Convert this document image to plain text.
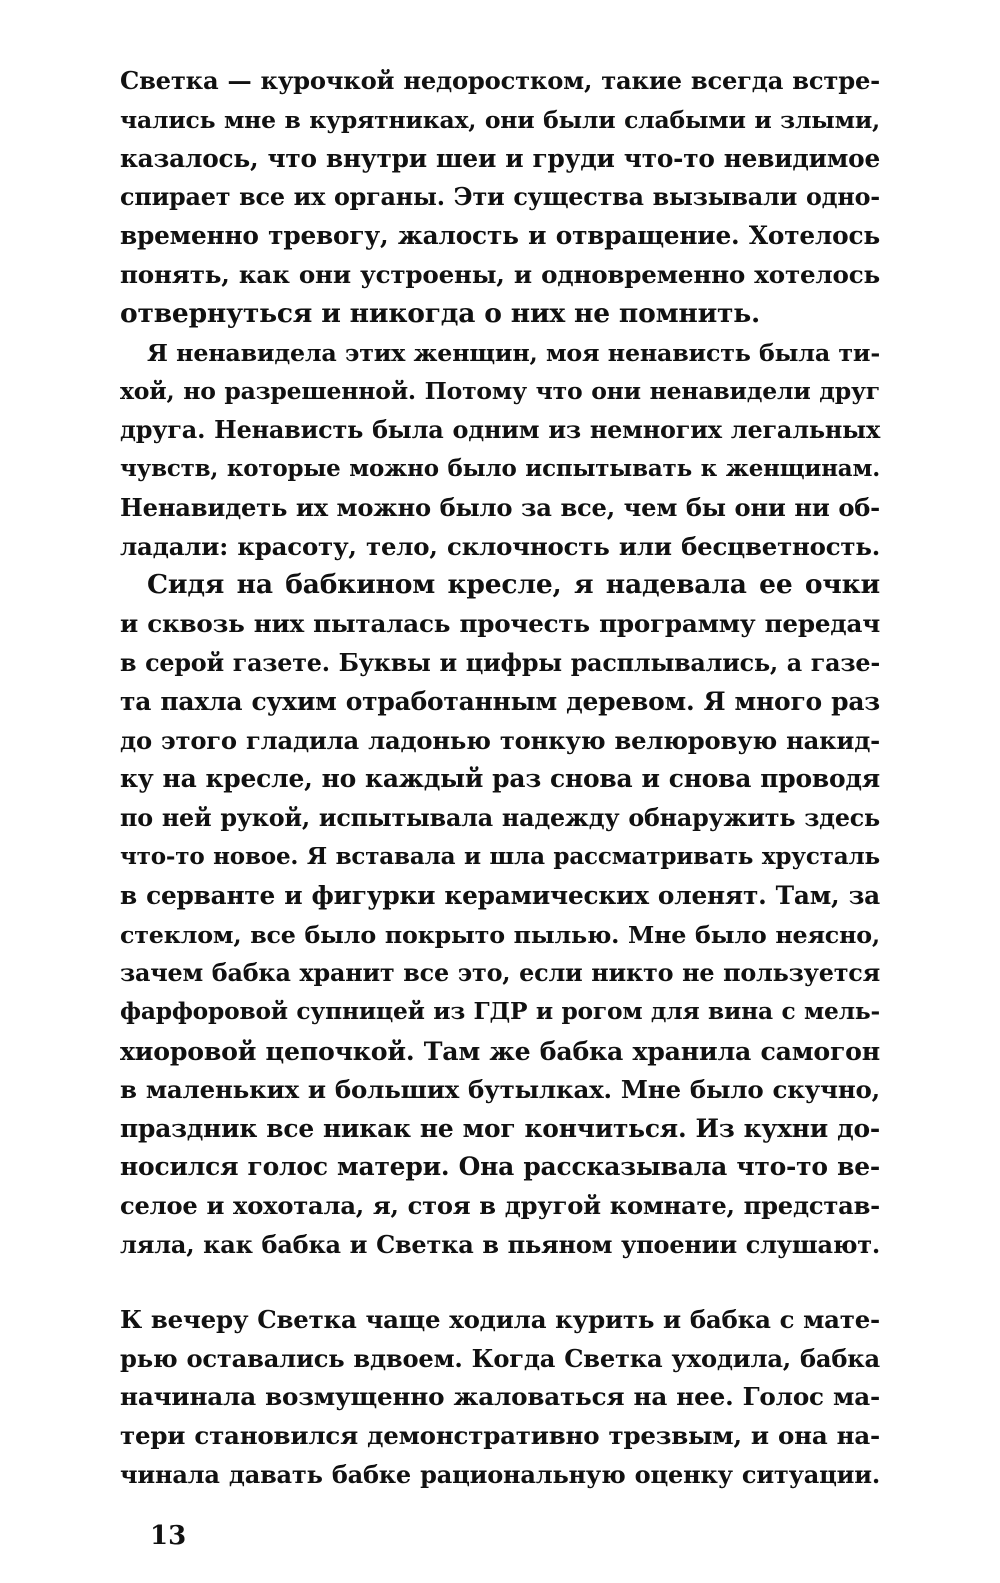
Светка — курочкой недоростком, такие всегда встре-
чались мне в курятниках, они были слабыми и злыми,
казалось, что внутри шеи и груди что-то невидимое
спирает все их органы. Эти существа вызывали одно-
временно тревогу, жалость и отвращение. Хотелось
понять, как они устроены, и одновременно хотелось
отвернуться и никогда о них не помнить.
Я ненавидела этих женщин, моя ненависть была ти-
хой, но разрешенной. Потому что они ненавидели друг
друга. Ненависть была одним из немногих легальных
чувств, которые можно было испытывать к женщинам.
Ненавидеть их можно было за все, чем бы они ни об-
ладали: красоту, тело, склочность или бесцветность.
Сидя на бабкином кресле, я надевала ее очки
и сквозь них пыталась прочесть программу передач
в серой газете. Буквы и цифры расплывались, а газе-
та пахла сухим отработанным деревом. Я много раз
до этого гладила ладонью тонкую велюровую накид-
ку на кресле, но каждый раз снова и снова проводя
по ней рукой, испытывала надежду обнаружить здесь
что-то новое. Я вставала и шла рассматривать хрусталь
в серванте и фигурки керамических оленят. Там, за
стеклом, все было покрыто пылью. Мне было неясно,
зачем бабка хранит все это, если никто не пользуется
фарфоровой супницей из ГДР и рогом для вина с мель-
хиоровой цепочкой. Там же бабка хранила самогон
в маленьких и больших бутылках. Мне было скучно,
праздник все никак не мог кончиться. Из кухни до-
носился голос матери. Она рассказывала что-то ве-
селое и хохотала, я, стоя в другой комнате, представ-
ляла, как бабка и Светка в пьяном упоении слушают.
К вечеру Светка чаще ходила курить и бабка с мате-
рью оставались вдвоем. Когда Светка уходила, бабка
начинала возмущенно жаловаться на нее. Голос ма-
тери становился демонстративно трезвым, и она на-
чинала давать бабке рациональную оценку ситуации.
13
